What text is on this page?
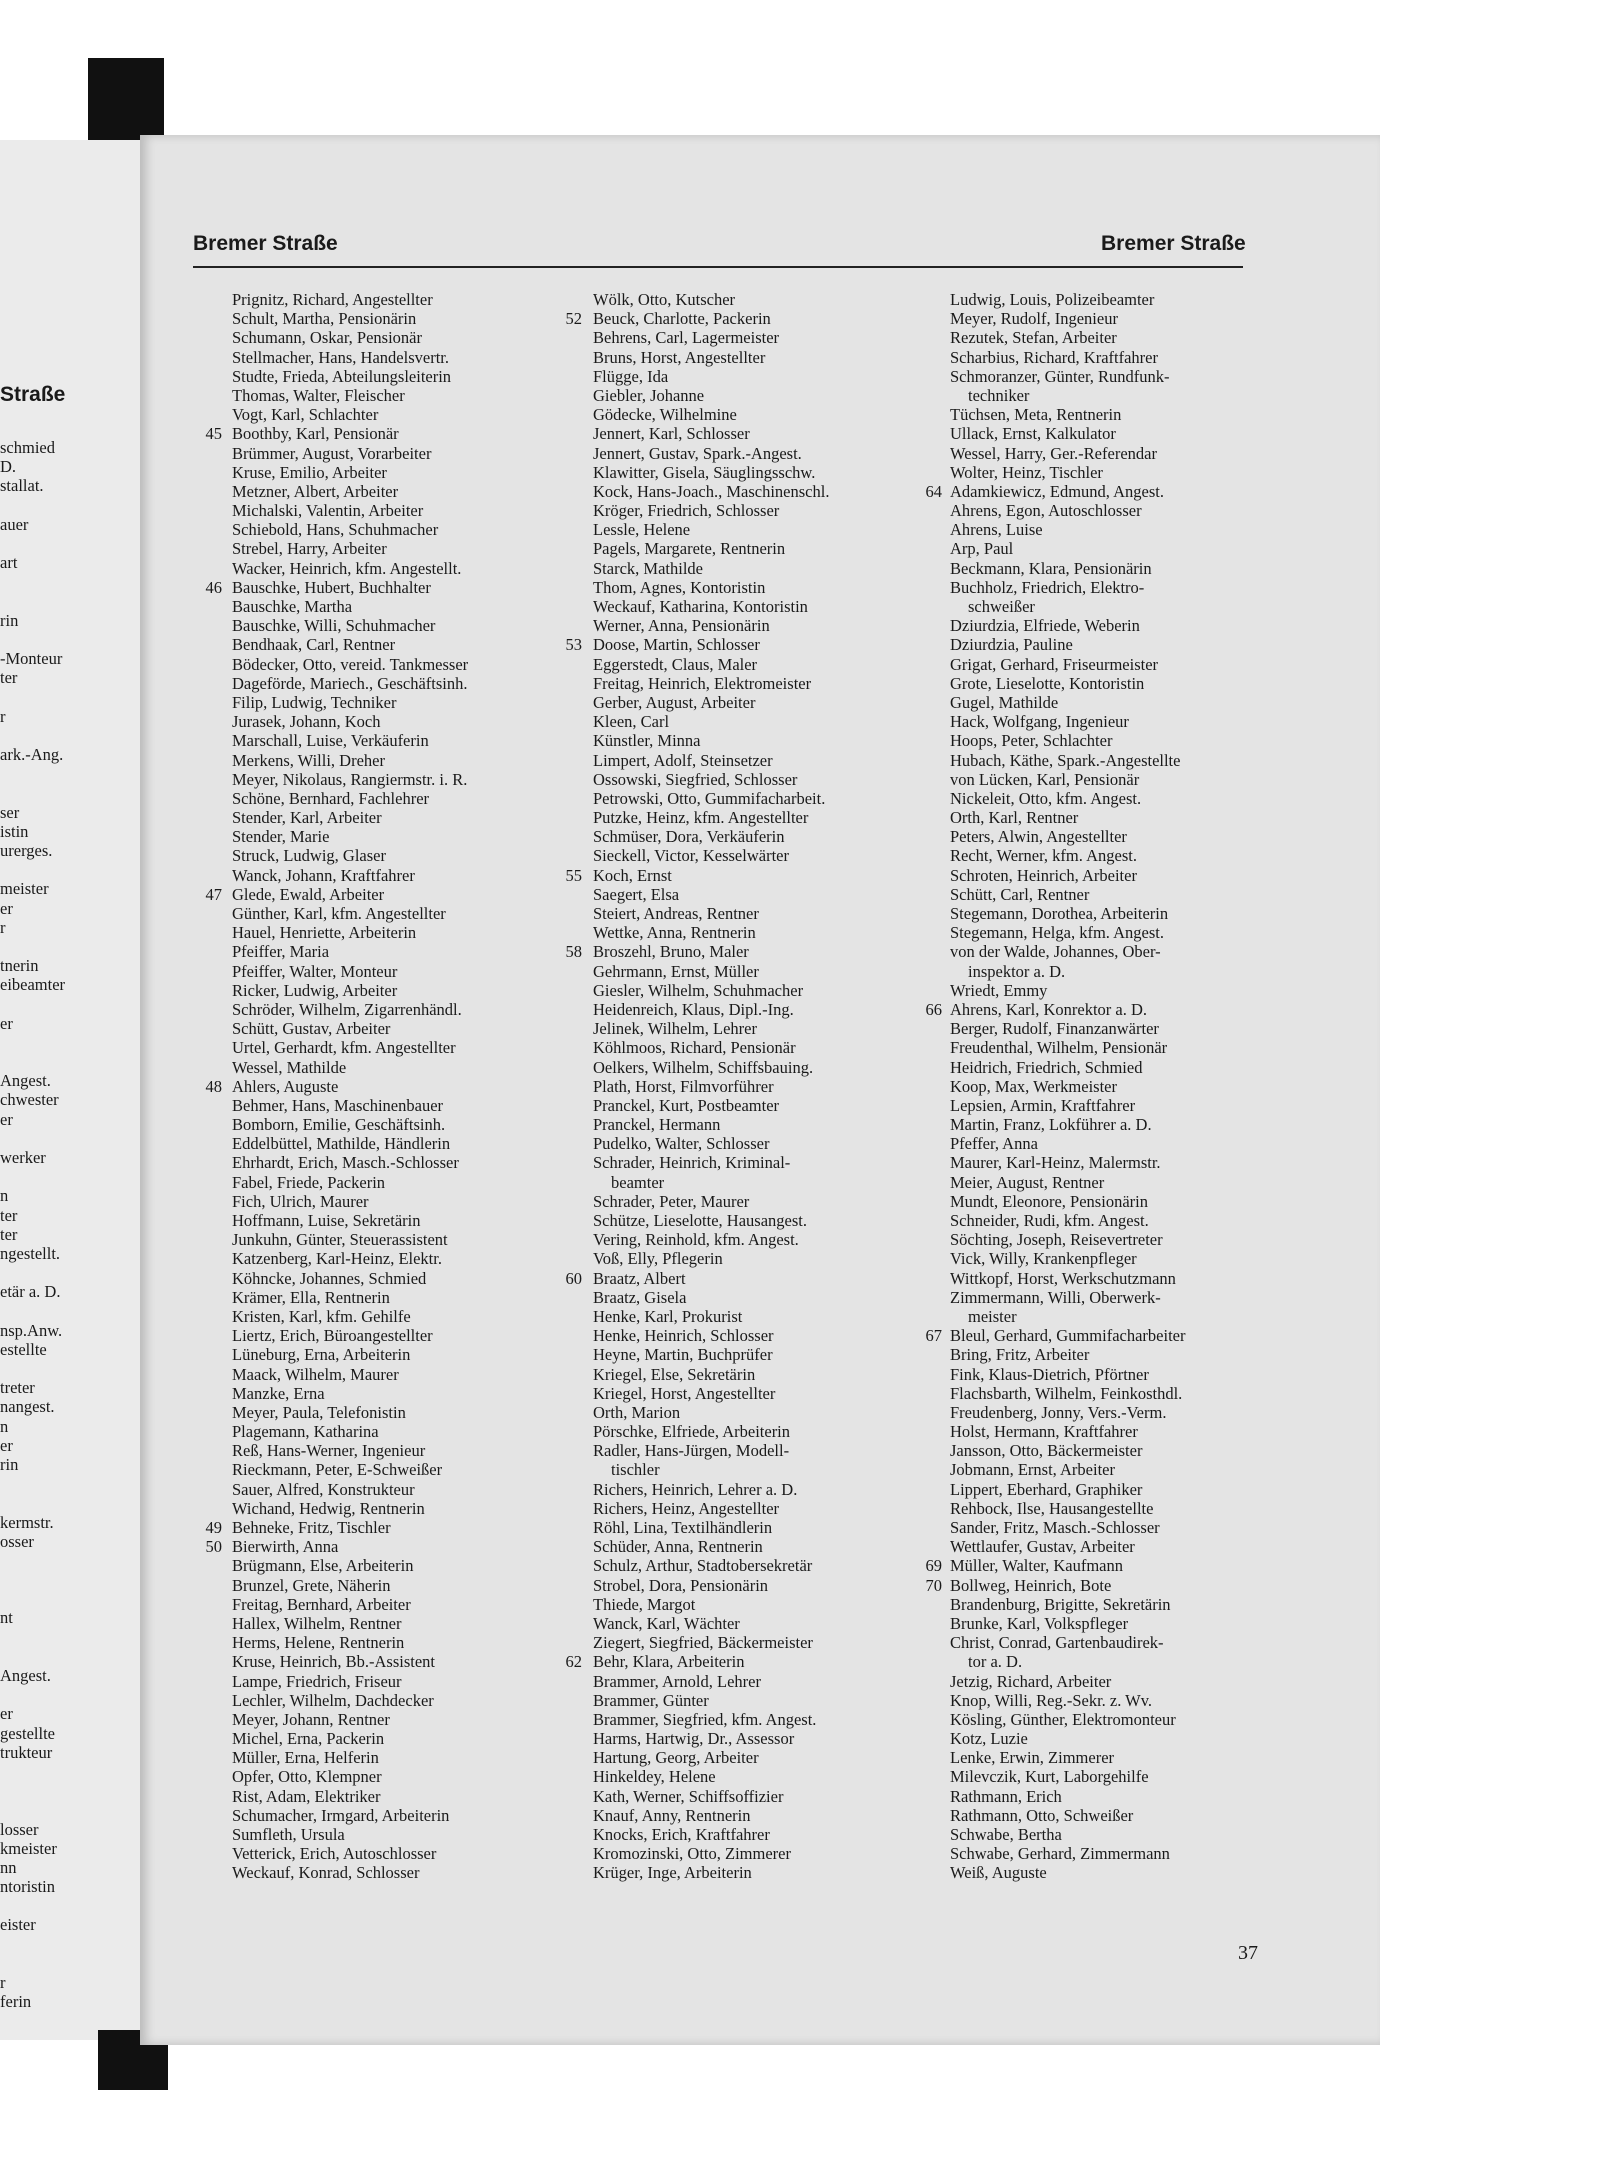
Straße
schmied
D.
stallat.
auer
art
rin
-Monteur
ter
r
ark.-Ang.
ser
istin
urerges.
meister
er
r
tnerin
eibeamter
er
Angest.
chwester
er
werker
n
ter
ter
ngestellt.
etär a. D.
nsp.Anw.
estellte
treter
nangest.
n
er
rin
kermstr.
osser
nt
Angest.
er
gestellte
trukteur
losser
kmeister
nn
ntoristin
eister
r
ferin
Bremer Straße	Bremer Straße
Prignitz, Richard, Angestellter
Schult, Martha, Pensionärin
Schumann, Oskar, Pensionär
Stellmacher, Hans, Handelsvertr.
Studte, Frieda, Abteilungsleiterin
Thomas, Walter, Fleischer
Vogt, Karl, Schlachter
45 Boothby, Karl, Pensionär
Brümmer, August, Vorarbeiter
Kruse, Emilio, Arbeiter
Metzner, Albert, Arbeiter
Michalski, Valentin, Arbeiter
Schiebold, Hans, Schuhmacher
Strebel, Harry, Arbeiter
Wacker, Heinrich, kfm. Angestellt.
46 Bauschke, Hubert, Buchhalter
Bauschke, Martha
Bauschke, Willi, Schuhmacher
Bendhaak, Carl, Rentner
Bödecker, Otto, vereid. Tankmesser
Dageförde, Mariech., Geschäftsinh.
Filip, Ludwig, Techniker
Jurasek, Johann, Koch
Marschall, Luise, Verkäuferin
Merkens, Willi, Dreher
Meyer, Nikolaus, Rangiermstr. i. R.
Schöne, Bernhard, Fachlehrer
Stender, Karl, Arbeiter
Stender, Marie
Struck, Ludwig, Glaser
Wanck, Johann, Kraftfahrer
47 Glede, Ewald, Arbeiter
Günther, Karl, kfm. Angestellter
Hauel, Henriette, Arbeiterin
Pfeiffer, Maria
Pfeiffer, Walter, Monteur
Ricker, Ludwig, Arbeiter
Schröder, Wilhelm, Zigarrenhändl.
Schütt, Gustav, Arbeiter
Urtel, Gerhardt, kfm. Angestellter
Wessel, Mathilde
48 Ahlers, Auguste
Behmer, Hans, Maschinenbauer
Bomborn, Emilie, Geschäftsinh.
Eddelbüttel, Mathilde, Händlerin
Ehrhardt, Erich, Masch.-Schlosser
Fabel, Friede, Packerin
Fich, Ulrich, Maurer
Hoffmann, Luise, Sekretärin
Junkuhn, Günter, Steuerassistent
Katzenberg, Karl-Heinz, Elektr.
Köhncke, Johannes, Schmied
Krämer, Ella, Rentnerin
Kristen, Karl, kfm. Gehilfe
Liertz, Erich, Büroangestellter
Lüneburg, Erna, Arbeiterin
Maack, Wilhelm, Maurer
Manzke, Erna
Meyer, Paula, Telefonistin
Plagemann, Katharina
Reß, Hans-Werner, Ingenieur
Rieckmann, Peter, E-Schweißer
Sauer, Alfred, Konstrukteur
Wichand, Hedwig, Rentnerin
49 Behneke, Fritz, Tischler
50 Bierwirth, Anna
Brügmann, Else, Arbeiterin
Brunzel, Grete, Näherin
Freitag, Bernhard, Arbeiter
Hallex, Wilhelm, Rentner
Herms, Helene, Rentnerin
Kruse, Heinrich, Bb.-Assistent
Lampe, Friedrich, Friseur
Lechler, Wilhelm, Dachdecker
Meyer, Johann, Rentner
Michel, Erna, Packerin
Müller, Erna, Helferin
Opfer, Otto, Klempner
Rist, Adam, Elektriker
Schumacher, Irmgard, Arbeiterin
Sumfleth, Ursula
Vetterick, Erich, Autoschlosser
Weckauf, Konrad, Schlosser
Wölk, Otto, Kutscher
52 Beuck, Charlotte, Packerin
Behrens, Carl, Lagermeister
Bruns, Horst, Angestellter
Flügge, Ida
Giebler, Johanne
Gödecke, Wilhelmine
Jennert, Karl, Schlosser
Jennert, Gustav, Spark.-Angest.
Klawitter, Gisela, Säuglingsschw.
Kock, Hans-Joach., Maschinenschl.
Kröger, Friedrich, Schlosser
Lessle, Helene
Pagels, Margarete, Rentnerin
Starck, Mathilde
Thom, Agnes, Kontoristin
Weckauf, Katharina, Kontoristin
Werner, Anna, Pensionärin
53 Doose, Martin, Schlosser
Eggerstedt, Claus, Maler
Freitag, Heinrich, Elektromeister
Gerber, August, Arbeiter
Kleen, Carl
Künstler, Minna
Limpert, Adolf, Steinsetzer
Ossowski, Siegfried, Schlosser
Petrowski, Otto, Gummifacharbeit.
Putzke, Heinz, kfm. Angestellter
Schmüser, Dora, Verkäuferin
Sieckell, Victor, Kesselwärter
55 Koch, Ernst
Saegert, Elsa
Steiert, Andreas, Rentner
Wettke, Anna, Rentnerin
58 Broszehl, Bruno, Maler
Gehrmann, Ernst, Müller
Giesler, Wilhelm, Schuhmacher
Heidenreich, Klaus, Dipl.-Ing.
Jelinek, Wilhelm, Lehrer
Köhlmoos, Richard, Pensionär
Oelkers, Wilhelm, Schiffsbauing.
Plath, Horst, Filmvorführer
Pranckel, Kurt, Postbeamter
Pranckel, Hermann
Pudelko, Walter, Schlosser
Schrader, Heinrich, Kriminal-
beamter
Schrader, Peter, Maurer
Schütze, Lieselotte, Hausangest.
Vering, Reinhold, kfm. Angest.
Voß, Elly, Pflegerin
60 Braatz, Albert
Braatz, Gisela
Henke, Karl, Prokurist
Henke, Heinrich, Schlosser
Heyne, Martin, Buchprüfer
Kriegel, Else, Sekretärin
Kriegel, Horst, Angestellter
Orth, Marion
Pörschke, Elfriede, Arbeiterin
Radler, Hans-Jürgen, Modell-
tischler
Richers, Heinrich, Lehrer a. D.
Richers, Heinz, Angestellter
Röhl, Lina, Textilhändlerin
Schüder, Anna, Rentnerin
Schulz, Arthur, Stadtobersekretär
Strobel, Dora, Pensionärin
Thiede, Margot
Wanck, Karl, Wächter
Ziegert, Siegfried, Bäckermeister
62 Behr, Klara, Arbeiterin
Brammer, Arnold, Lehrer
Brammer, Günter
Brammer, Siegfried, kfm. Angest.
Harms, Hartwig, Dr., Assessor
Hartung, Georg, Arbeiter
Hinkeldey, Helene
Kath, Werner, Schiffsoffizier
Knauf, Anny, Rentnerin
Knocks, Erich, Kraftfahrer
Kromozinski, Otto, Zimmerer
Krüger, Inge, Arbeiterin
Ludwig, Louis, Polizeibeamter
Meyer, Rudolf, Ingenieur
Rezutek, Stefan, Arbeiter
Scharbius, Richard, Kraftfahrer
Schmoranzer, Günter, Rundfunk-
techniker
Tüchsen, Meta, Rentnerin
Ullack, Ernst, Kalkulator
Wessel, Harry, Ger.-Referendar
Wolter, Heinz, Tischler
64 Adamkiewicz, Edmund, Angest.
Ahrens, Egon, Autoschlosser
Ahrens, Luise
Arp, Paul
Beckmann, Klara, Pensionärin
Buchholz, Friedrich, Elektro-
schweißer
Dziurdzia, Elfriede, Weberin
Dziurdzia, Pauline
Grigat, Gerhard, Friseurmeister
Grote, Lieselotte, Kontoristin
Gugel, Mathilde
Hack, Wolfgang, Ingenieur
Hoops, Peter, Schlachter
Hubach, Käthe, Spark.-Angestellte
von Lücken, Karl, Pensionär
Nickeleit, Otto, kfm. Angest.
Orth, Karl, Rentner
Peters, Alwin, Angestellter
Recht, Werner, kfm. Angest.
Schroten, Heinrich, Arbeiter
Schütt, Carl, Rentner
Stegemann, Dorothea, Arbeiterin
Stegemann, Helga, kfm. Angest.
von der Walde, Johannes, Ober-
inspektor a. D.
Wriedt, Emmy
66 Ahrens, Karl, Konrektor a. D.
Berger, Rudolf, Finanzanwärter
Freudenthal, Wilhelm, Pensionär
Heidrich, Friedrich, Schmied
Koop, Max, Werkmeister
Lepsien, Armin, Kraftfahrer
Martin, Franz, Lokführer a. D.
Pfeffer, Anna
Maurer, Karl-Heinz, Malermstr.
Meier, August, Rentner
Mundt, Eleonore, Pensionärin
Schneider, Rudi, kfm. Angest.
Söchting, Joseph, Reisevertreter
Vick, Willy, Krankenpfleger
Wittkopf, Horst, Werkschutzmann
Zimmermann, Willi, Oberwerk-
meister
67 Bleul, Gerhard, Gummifacharbeiter
Bring, Fritz, Arbeiter
Fink, Klaus-Dietrich, Pförtner
Flachsbarth, Wilhelm, Feinkosthdl.
Freudenberg, Jonny, Vers.-Verm.
Holst, Hermann, Kraftfahrer
Jansson, Otto, Bäckermeister
Jobmann, Ernst, Arbeiter
Lippert, Eberhard, Graphiker
Rehbock, Ilse, Hausangestellte
Sander, Fritz, Masch.-Schlosser
Wettlaufer, Gustav, Arbeiter
69 Müller, Walter, Kaufmann
70 Bollweg, Heinrich, Bote
Brandenburg, Brigitte, Sekretärin
Brunke, Karl, Volkspfleger
Christ, Conrad, Gartenbaudirek-
tor a. D.
Jetzig, Richard, Arbeiter
Knop, Willi, Reg.-Sekr. z. Wv.
Kösling, Günther, Elektromonteur
Kotz, Luzie
Lenke, Erwin, Zimmerer
Milevczik, Kurt, Laborgehilfe
Rathmann, Erich
Rathmann, Otto, Schweißer
Schwabe, Bertha
Schwabe, Gerhard, Zimmermann
Weiß, Auguste
37
